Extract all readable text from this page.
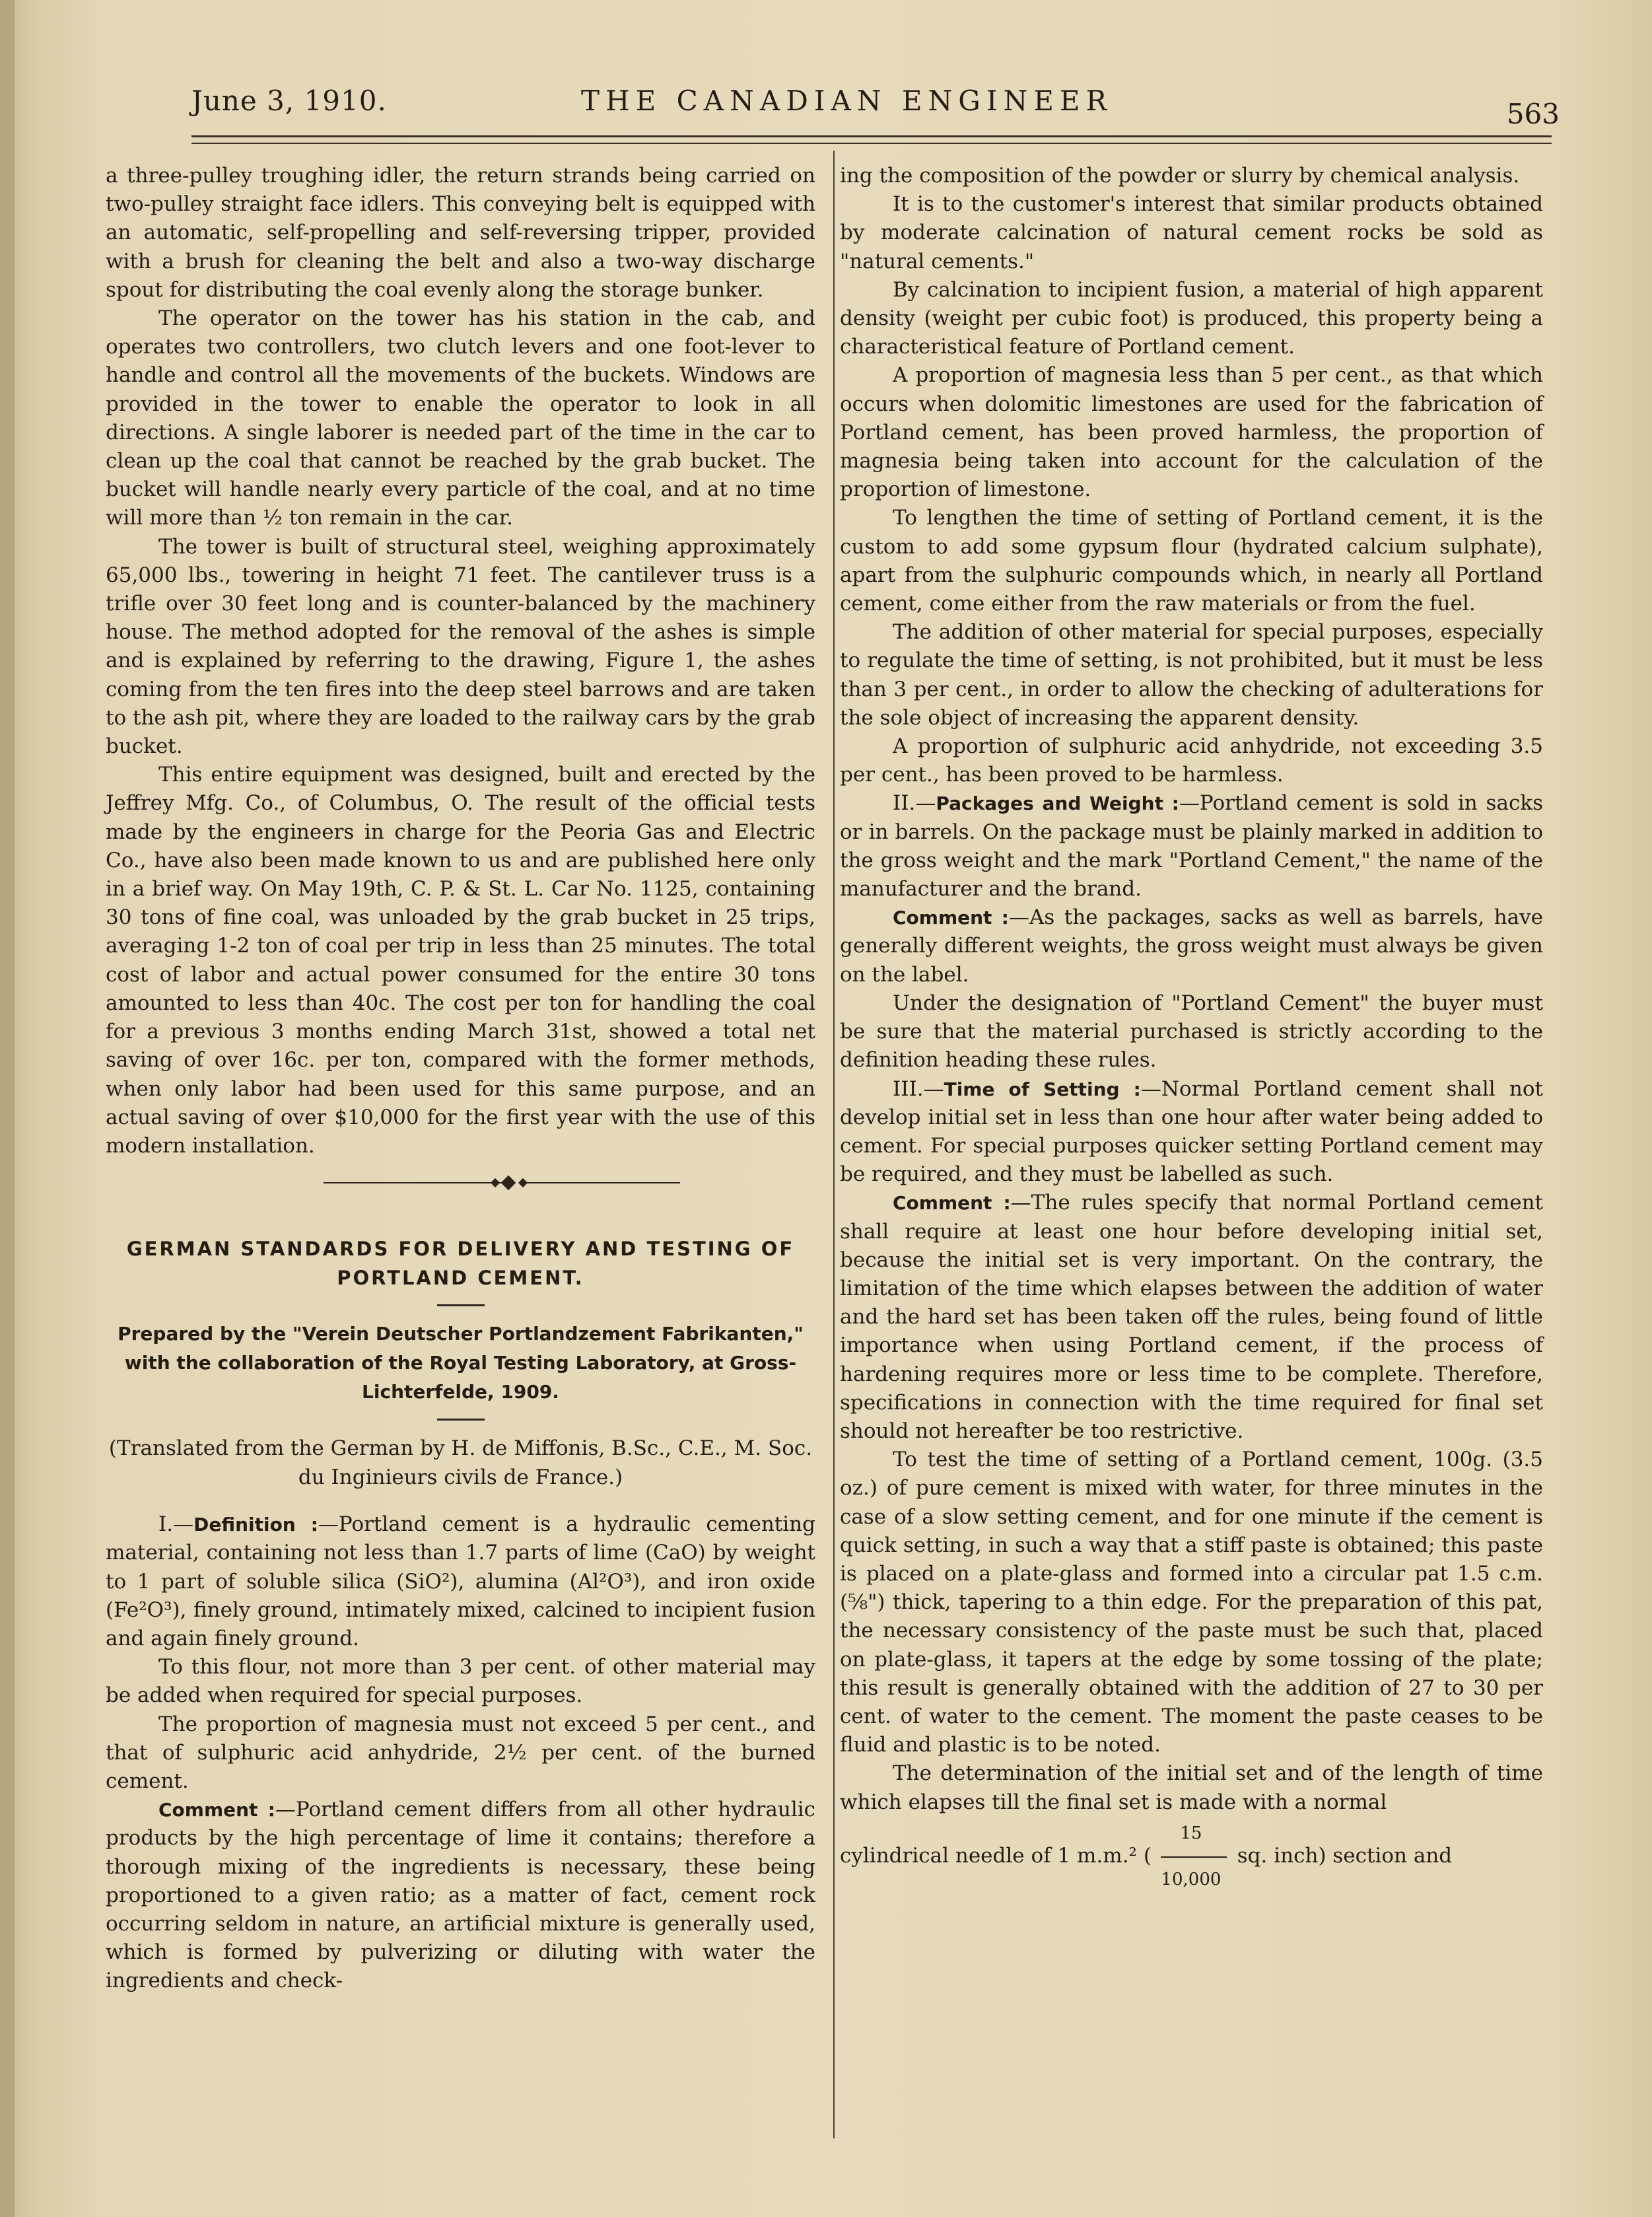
June 3, 1910.	THE CANADIAN ENGINEER	563

a three-pulley troughing idler, the return strands being carried on two-pulley straight face idlers. This conveying belt is equipped with an automatic, self-propelling and self-reversing tripper, provided with a brush for cleaning the belt and also a two-way discharge spout for distributing the coal evenly along the storage bunker.

The operator on the tower has his station in the cab, and operates two controllers, two clutch levers and one foot-lever to handle and control all the movements of the buckets. Windows are provided in the tower to enable the operator to look in all directions. A single laborer is needed part of the time in the car to clean up the coal that cannot be reached by the grab bucket. The bucket will handle nearly every particle of the coal, and at no time will more than ½ ton remain in the car.

The tower is built of structural steel, weighing approximately 65,000 lbs., towering in height 71 feet. The cantilever truss is a trifle over 30 feet long and is counter-balanced by the machinery house. The method adopted for the removal of the ashes is simple and is explained by referring to the drawing, Figure 1, the ashes coming from the ten fires into the deep steel barrows and are taken to the ash pit, where they are loaded to the railway cars by the grab bucket.

This entire equipment was designed, built and erected by the Jeffrey Mfg. Co., of Columbus, O. The result of the official tests made by the engineers in charge for the Peoria Gas and Electric Co., have also been made known to us and are published here only in a brief way. On May 19th, C. P. & St. L. Car No. 1125, containing 30 tons of fine coal, was unloaded by the grab bucket in 25 trips, averaging 1-2 ton of coal per trip in less than 25 minutes. The total cost of labor and actual power consumed for the entire 30 tons amounted to less than 40c. The cost per ton for handling the coal for a previous 3 months ending March 31st, showed a total net saving of over 16c. per ton, compared with the former methods, when only labor had been used for this same purpose, and an actual saving of over $10,000 for the first year with the use of this modern installation.

GERMAN STANDARDS FOR DELIVERY AND TESTING OF PORTLAND CEMENT.
Prepared by the "Verein Deutscher Portlandzement Fabrikanten," with the collaboration of the Royal Testing Laboratory, at Gross-Lichterfelde, 1909.
(Translated from the German by H. de Miffonis, B.Sc., C.E., M. Soc. du Inginieurs civils de France.)

I.—Definition :—Portland cement is a hydraulic cementing material, containing not less than 1.7 parts of lime (CaO) by weight to 1 part of soluble silica (SiO²), alumina (Al²O³), and iron oxide (Fe²O³), finely ground, intimately mixed, calcined to incipient fusion and again finely ground.

To this flour, not more than 3 per cent. of other material may be added when required for special purposes.

The proportion of magnesia must not exceed 5 per cent., and that of sulphuric acid anhydride, 2½ per cent. of the burned cement.

Comment :—Portland cement differs from all other hydraulic products by the high percentage of lime it contains; therefore a thorough mixing of the ingredients is necessary, these being proportioned to a given ratio; as a matter of fact, cement rock occurring seldom in nature, an artificial mixture is generally used, which is formed by pulverizing or diluting with water the ingredients and check-

ing the composition of the powder or slurry by chemical analysis.

It is to the customer's interest that similar products obtained by moderate calcination of natural cement rocks be sold as "natural cements."

By calcination to incipient fusion, a material of high apparent density (weight per cubic foot) is produced, this property being a characteristical feature of Portland cement.

A proportion of magnesia less than 5 per cent., as that which occurs when dolomitic limestones are used for the fabrication of Portland cement, has been proved harmless, the proportion of magnesia being taken into account for the calculation of the proportion of limestone.

To lengthen the time of setting of Portland cement, it is the custom to add some gypsum flour (hydrated calcium sulphate), apart from the sulphuric compounds which, in nearly all Portland cement, come either from the raw materials or from the fuel.

The addition of other material for special purposes, especially to regulate the time of setting, is not prohibited, but it must be less than 3 per cent., in order to allow the checking of adulterations for the sole object of increasing the apparent density.

A proportion of sulphuric acid anhydride, not exceeding 3.5 per cent., has been proved to be harmless.

II.—Packages and Weight :—Portland cement is sold in sacks or in barrels. On the package must be plainly marked in addition to the gross weight and the mark "Portland Cement," the name of the manufacturer and the brand.

Comment :—As the packages, sacks as well as barrels, have generally different weights, the gross weight must always be given on the label.

Under the designation of "Portland Cement" the buyer must be sure that the material purchased is strictly according to the definition heading these rules.

III.—Time of Setting :—Normal Portland cement shall not develop initial set in less than one hour after water being added to cement. For special purposes quicker setting Portland cement may be required, and they must be labelled as such.

Comment :—The rules specify that normal Portland cement shall require at least one hour before developing initial set, because the initial set is very important. On the contrary, the limitation of the time which elapses between the addition of water and the hard set has been taken off the rules, being found of little importance when using Portland cement, if the process of hardening requires more or less time to be complete. Therefore, specifications in connection with the time required for final set should not hereafter be too restrictive.

To test the time of setting of a Portland cement, 100g. (3.5 oz.) of pure cement is mixed with water, for three minutes in the case of a slow setting cement, and for one minute if the cement is quick setting, in such a way that a stiff paste is obtained; this paste is placed on a plate-glass and formed into a circular pat 1.5 c.m. (⅝") thick, tapering to a thin edge. For the preparation of this pat, the necessary consistency of the paste must be such that, placed on plate-glass, it tapers at the edge by some tossing of the plate; this result is generally obtained with the addition of 27 to 30 per cent. of water to the cement. The moment the paste ceases to be fluid and plastic is to be noted.

The determination of the initial set and of the length of time which elapses till the final set is made with a normal

cylindrical needle of 1 m.m.² ( $\frac{15}{10,000}$ sq. inch) section and
